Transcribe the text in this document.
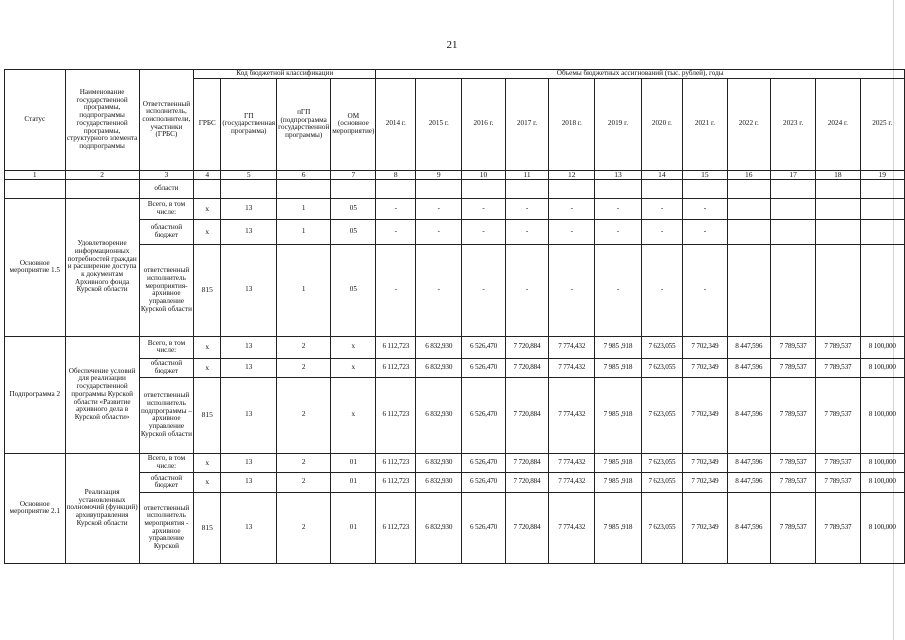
21
Статус	Наименование государственной программы, подпрограммы государственной программы, структурного элемента подпрограммы	Ответственный исполнитель, соисполнители, участники (ГРБС)	Код бюджетной классификации				Объемы бюджетных ассигнований (тыс. рублей), годы											
			ГРБС	ГП (государственная программа)	пГП (подпрограмма государственной программы)	ОМ (основное мероприятие)	2014 г.	2015 г.	2016 г.	2017 г.	2018 г.	2019 г.	2020 г.	2021 г.	2022 г.	2023 г.	2024 г.	2025 г.
1	2	3	4	5	6	7	8	9	10	11	12	13	14	15	16	17	18	19
		области																
Основное мероприятие 1.5	Удовлетворение информационных потребностей граждан и расширение доступа к документам Архивного фонда Курской области	Всего, в том числе:	x	13	1	05	-	-	-	-	-	-	-	-				
		областной бюджет	x	13	1	05	-	-	-	-	-	-	-	-				
		ответственный исполнитель мероприятия- архивное управление Курской области	815	13	1	05	-	-	-	-	-	-	-	-				
Подпрограмма 2	Обеспечение условий для реализации государственной программы Курской области «Развитие архивного дела в Курской области»	Всего, в том числе:	x	13	2	x	6 112,723	6 832,930	6 526,470	7 720,884	7 774,432	7 985 ,918	7 623,055	7 702,349	8 447,596	7 789,537	7 789,537	8 100,000
		областной бюджет	x	13	2	x	6 112,723	6 832,930	6 526,470	7 720,884	7 774,432	7 985 ,918	7 623,055	7 702,349	8 447,596	7 789,537	7 789,537	8 100,000
		ответственный исполнитель подпрограммы – архивное управление Курской области	815	13	2	x	6 112,723	6 832,930	6 526,470	7 720,884	7 774,432	7 985 ,918	7 623,055	7 702,349	8 447,596	7 789,537	7 789,537	8 100,000
Основное мероприятие 2.1	Реализация установленных полномочий (функций) архивуправления Курской области	Всего, в том числе:	x	13	2	01	6 112,723	6 832,930	6 526,470	7 720,884	7 774,432	7 985 ,918	7 623,055	7 702,349	8 447,596	7 789,537	7 789,537	8 100,000
		областной бюджет	x	13	2	01	6 112,723	6 832,930	6 526,470	7 720,884	7 774,432	7 985 ,918	7 623,055	7 702,349	8 447,596	7 789,537	7 789,537	8 100,000
		ответственный исполнитель мероприятия - архивное управление Курской	815	13	2	01	6 112,723	6 832,930	6 526,470	7 720,884	7 774,432	7 985 ,918	7 623,055	7 702,349	8 447,596	7 789,537	7 789,537	8 100,000
